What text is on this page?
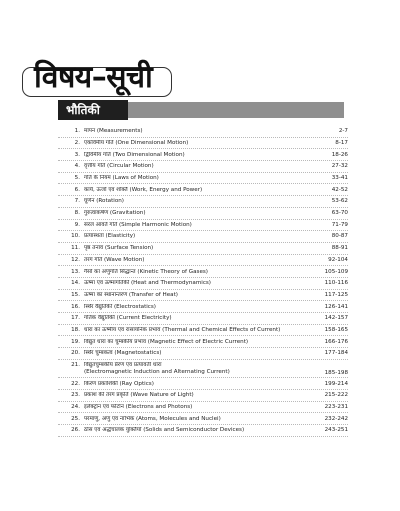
विषय–सूची
भौतिकी
1. मापन (Measurements)	2-7
2. एकविमीय गति (One Dimensional Motion)	8-17
3. द्विविमीय गति (Two Dimensional Motion)	18-26
4. वृत्तीय गति (Circular Motion)	27-32
5. गति के नियम (Laws of Motion)	33-41
6. कार्य, ऊर्जा एवं शक्ति (Work, Energy and Power)	42-52
7. घूर्णन (Rotation)	53-62
8. गुरुत्वाकर्षण (Gravitation)	63-70
9. सरल आवर्त गति (Simple Harmonic Motion)	71-79
10. प्रत्यास्थता (Elasticity)	80-87
11. पृष्ठ तनाव (Surface Tension)	88-91
12. तरंग गति (Wave Motion)	92-104
13. गैसों का अणुगति सिद्धान्त (Kinetic Theory of Gases)	105-109
14. ऊष्मा एवं ऊष्मागतिकी (Heat and Thermodynamics)	110-116
15. ऊष्मा का स्थानान्तरण (Transfer of Heat)	117-125
16. स्थिर वैद्युतिकी (Electrostatics)	126-141
17. गतिक वैद्युतिकी (Current Electricity)	142-157
18. धारा का ऊष्मीय एवं रासायनिक प्रभाव (Thermal and Chemical Effects of Current)	158-165
19. विद्युत धारा का चुम्बकीय प्रभाव (Magnetic Effect of Electric Current)	166-176
20. स्थिर चुम्बकत्व (Magnetostatics)	177-184
21. विद्युतचुम्बकीय प्रेरण एवं प्रत्यावर्ती धारा
(Electromagnetic Induction and Alternating Current)	185-198
22. किरण प्रकाशिकी (Ray Optics)	199-214
23. प्रकाश की तरंग प्रकृति (Wave Nature of Light)	215-222
24. इलेक्ट्रॉन एवं फोटॉन (Electrons and Photons)	223-231
25. परमाणु, अणु एवं नाभिक (Atoms, Molecules and Nuclei)	232-242
26. ठोस एवं अर्द्धचालक युक्तियाँ (Solids and Semiconductor Devices)	243-251
